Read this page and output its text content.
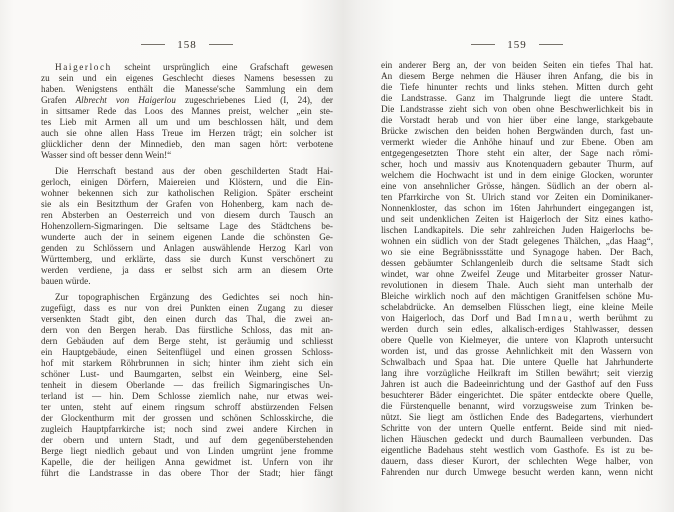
158
Haigerloch scheint ursprünglich eine Grafschaft gewesen
zu sein und ein eigenes Geschlecht dieses Namens besessen zu
haben. Wenigstens enthält die Manesse'sche Sammlung ein dem
Grafen Albrecht von Haigerlou zugeschriebenes Lied (I, 24), der
in sittsamer Rede das Loos des Mannes preist, welcher „ein ste-
tes Lieb mit Armen all um und um beschlossen hält, und dem
auch sie ohne allen Hass Treue im Herzen trägt; ein solcher ist
glücklicher denn der Minnedieb, den man sagen hört: verbotene
Wasser sind oft besser denn Wein!“
Die Herrschaft bestand aus der oben geschilderten Stadt Hai-
gerloch, einigen Dörfern, Maiereien und Klöstern, und die Ein-
wohner bekennen sich zur katholischen Religion. Später erscheint
sie als ein Besitzthum der Grafen von Hohenberg, kam nach de-
ren Absterben an Oesterreich und von diesem durch Tausch an
Hohenzollern-Sigmaringen. Die seltsame Lage des Städtchens be-
wunderte auch der in seinem eigenen Lande die schönsten Ge-
genden zu Schlössern und Anlagen auswählende Herzog Karl von
Württemberg, und erklärte, dass sie durch Kunst verschönert zu
werden verdiene, ja dass er selbst sich arm an diesem Orte
bauen würde.
Zur topographischen Ergänzung des Gedichtes sei noch hin-
zugefügt, dass es nur von drei Punkten einen Zugang zu dieser
versenkten Stadt gibt, den einen durch das Thal, die zwei an-
dern von den Bergen herab. Das fürstliche Schloss, das mit an-
dern Gebäuden auf dem Berge steht, ist geräumig und schliesst
ein Hauptgebäude, einen Seitenflügel und einen grossen Schloss-
hof mit starkem Röhrbrunnen in sich; hinter ihm zieht sich ein
schöner Lust- und Baumgarten, selbst ein Weinberg, eine Sel-
tenheit in diesem Oberlande — das freilich Sigmaringisches Un-
terland ist — hin. Dem Schlosse ziemlich nahe, nur etwas wei-
ter unten, steht auf einem ringsum schroff abstürzenden Felsen
der Glockenthurm mit der grossen und schönen Schlosskirche, die
zugleich Hauptpfarrkirche ist; noch sind zwei andere Kirchen in
der obern und untern Stadt, und auf dem gegenüberstehenden
Berge liegt niedlich gebaut und von Linden umgrünt jene fromme
Kapelle, die der heiligen Anna gewidmet ist. Unfern von ihr
führt die Landstrasse in das obere Thor der Stadt; hier fängt
159
ein anderer Berg an, der von beiden Seiten ein tiefes Thal hat.
An diesem Berge nehmen die Häuser ihren Anfang, die bis in
die Tiefe hinunter rechts und links stehen. Mitten durch geht
die Landstrasse. Ganz im Thalgrunde liegt die untere Stadt.
Die Landstrasse zieht sich von oben ohne Beschwerlichkeit bis in
die Vorstadt herab und von hier über eine lange, starkgebaute
Brücke zwischen den beiden hohen Bergwänden durch, fast un-
vermerkt wieder die Anhöhe hinauf und zur Ebene. Oben am
entgegengesetzten Thore steht ein alter, der Sage nach römi-
scher, hoch und massiv aus Knotenquadern gebauter Thurm, auf
welchem die Hochwacht ist und in dem einige Glocken, worunter
eine von ansehnlicher Grösse, hängen. Südlich an der obern al-
ten Pfarrkirche von St. Ulrich stand vor Zeiten ein Dominikaner-
Nonnenkloster, das schon im 16ten Jahrhundert eingegangen ist,
und seit undenklichen Zeiten ist Haigerloch der Sitz eines katho-
lischen Landkapitels. Die sehr zahlreichen Juden Haigerlochs be-
wohnen ein südlich von der Stadt gelegenes Thälchen, „das Haag“,
wo sie eine Begräbnissstätte und Synagoge haben. Der Bach,
dessen gebäumter Schlangenleib durch die seltsame Stadt sich
windet, war ohne Zweifel Zeuge und Mitarbeiter grosser Natur-
revolutionen in diesem Thale. Auch sieht man unterhalb der
Bleiche wirklich noch auf den mächtigen Granitfelsen schöne Mu-
schelabdrücke. An demselben Flüsschen liegt, eine kleine Meile
von Haigerloch, das Dorf und Bad Imnau, werth berühmt zu
werden durch sein edles, alkalisch-erdiges Stahlwasser, dessen
obere Quelle von Kielmeyer, die untere von Klaproth untersucht
worden ist, und das grosse Aehnlichkeit mit den Wassern von
Schwalbach und Spaa hat. Die untere Quelle hat Jahrhunderte
lang ihre vorzügliche Heilkraft im Stillen bewährt; seit vierzig
Jahren ist auch die Badeeinrichtung und der Gasthof auf den Fuss
besuchterer Bäder eingerichtet. Die später entdeckte obere Quelle,
die Fürstenquelle benannt, wird vorzugsweise zum Trinken be-
nützt. Sie liegt am östlichen Ende des Badegartens, vierhundert
Schritte von der untern Quelle entfernt. Beide sind mit nied-
lichen Häuschen gedeckt und durch Baumalleen verbunden. Das
eigentliche Badehaus steht westlich vom Gasthofe. Es ist zu be-
dauern, dass dieser Kurort, der schlechten Wege halber, von
Fahrenden nur durch Umwege besucht werden kann, wenn nicht
